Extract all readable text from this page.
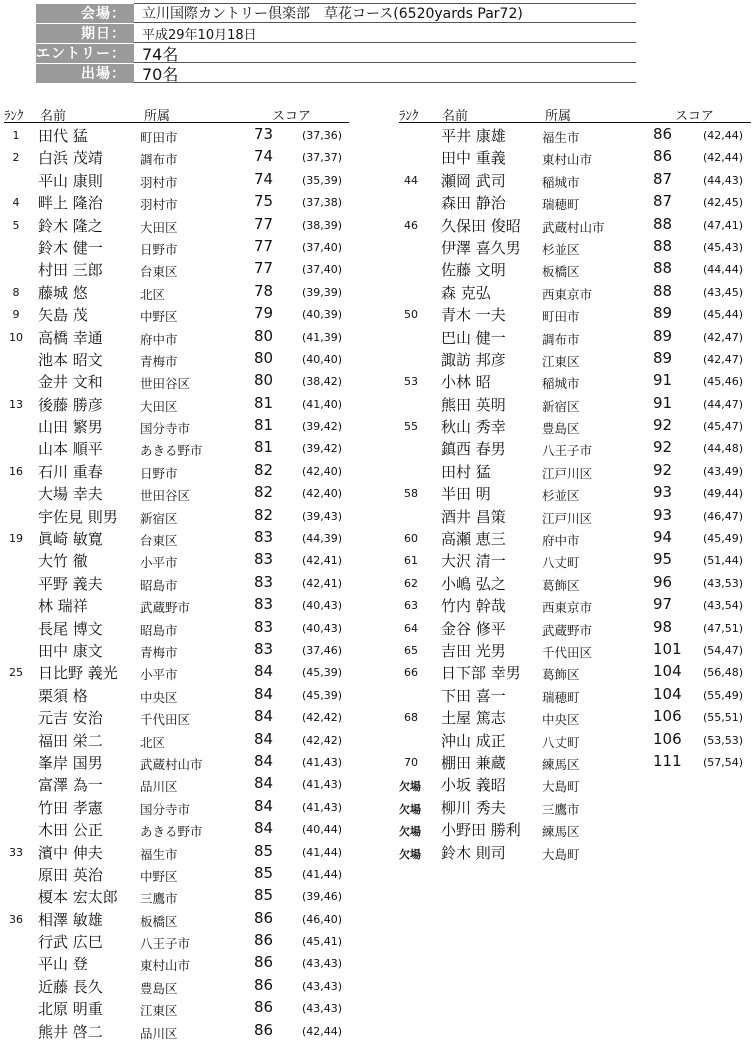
会場：	立川国際カントリー倶楽部　草花コース(6520yards Par72)
期日：	平成29年10月18日
エントリー：	74名
出場：	70名
ﾗﾝｸ 名前	所属	スコア
1	田代 猛	町田市	73	(37,36)
2	白浜 茂靖	調布市	74	(37,37)
平山 康則	羽村市	74	(35,39)
4	畔上 隆治	羽村市	75	(37,38)
5	鈴木 隆之	大田区	77	(38,39)
鈴木 健一	日野市	77	(37,40)
村田 三郎	台東区	77	(37,40)
8	藤城 悠	北区	78	(39,39)
9	矢島 茂	中野区	79	(40,39)
10	高橋 幸通	府中市	80	(41,39)
池本 昭文	青梅市	80	(40,40)
金井 文和	世田谷区	80	(38,42)
13	後藤 勝彦	大田区	81	(41,40)
山田 繁男	国分寺市	81	(39,42)
山本 順平	あきる野市	81	(39,42)
16	石川 重春	日野市	82	(42,40)
大場 幸夫	世田谷区	82	(42,40)
宇佐見 則男 新宿区	82	(39,43)
19	眞崎 敏寛	台東区	83	(44,39)
大竹 徹	小平市	83	(42,41)
平野 義夫	昭島市	83	(42,41)
林 瑞祥	武蔵野市	83	(40,43)
長尾 博文	昭島市	83	(40,43)
田中 康文	青梅市	83	(37,46)
25	日比野 義光 小平市	84	(45,39)
栗須 格	中央区	84	(45,39)
元吉 安治	千代田区	84	(42,42)
福田 栄二	北区	84	(42,42)
峯岸 国男	武蔵村山市	84	(41,43)
富澤 為一	品川区	84	(41,43)
竹田 孝憲	国分寺市	84	(41,43)
木田 公正	あきる野市	84	(40,44)
33	濱中 伸夫	福生市	85	(41,44)
原田 英治	中野区	85	(41,44)
榎本 宏太郎 三鷹市	85	(39,46)
36	相澤 敏雄	板橋区	86	(46,40)
行武 広巳	八王子市	86	(45,41)
平山 登	東村山市	86	(43,43)
近藤 長久	豊島区	86	(43,43)
北原 明重	江東区	86	(43,43)
熊井 啓二	品川区	86	(42,44)
ﾗﾝｸ 名前	所属	スコア
平井 康雄	福生市	86	(42,44)
田中 重義	東村山市	86	(42,44)
44	瀬岡 武司	稲城市	87	(44,43)
森田 静治	瑞穂町	87	(42,45)
46	久保田 俊昭 武蔵村山市	88	(47,41)
伊澤 喜久男 杉並区	88	(45,43)
佐藤 文明	板橋区	88	(44,44)
森 克弘	西東京市	88	(43,45)
50	青木 一夫	町田市	89	(45,44)
巴山 健一	調布市	89	(42,47)
諏訪 邦彦	江東区	89	(42,47)
53	小林 昭	稲城市	91	(45,46)
熊田 英明	新宿区	91	(44,47)
55	秋山 秀幸	豊島区	92	(45,47)
鎮西 春男	八王子市	92	(44,48)
田村 猛	江戸川区	92	(43,49)
58	半田 明	杉並区	93	(49,44)
酒井 昌策	江戸川区	93	(46,47)
60	高瀬 恵三	府中市	94	(45,49)
61	大沢 清一	八丈町	95	(51,44)
62	小嶋 弘之	葛飾区	96	(43,53)
63	竹内 幹哉	西東京市	97	(43,54)
64	金谷 修平	武蔵野市	98	(47,51)
65	吉田 光男	千代田区	101 (54,47)
66	日下部 幸男 葛飾区	104 (56,48)
下田 喜一	瑞穂町	104 (55,49)
68	土屋 篤志	中央区	106 (55,51)
沖山 成正	八丈町	106 (53,53)
70	棚田 兼蔵	練馬区	111 (57,54)
欠場 小坂 義昭	大島町
欠場 柳川 秀夫	三鷹市
欠場 小野田 勝利 練馬区
欠場 鈴木 則司	大島町
